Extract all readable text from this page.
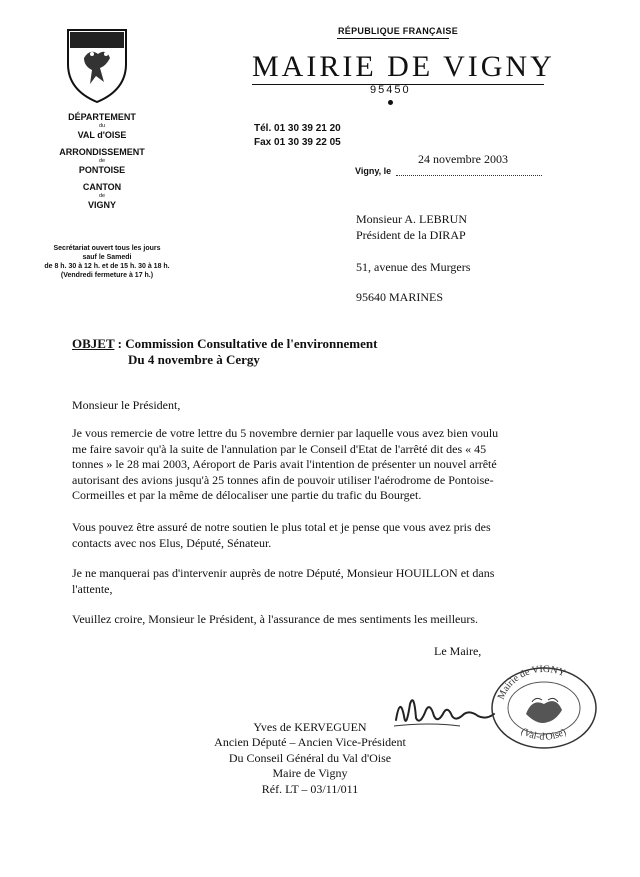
DÉPARTEMENT
du
VAL d'OISE
ARRONDISSEMENT
de
PONTOISE
CANTON
de
VIGNY
Secrétariat ouvert tous les jours
sauf le Samedi
de 8 h. 30 à 12 h. et de 15 h. 30 à 18 h.
(Vendredi fermeture à 17 h.)
RÉPUBLIQUE FRANÇAISE
MAIRIE DE VIGNY
95450
Tél. 01 30 39 21 20
Fax 01 30 39 22 05
24 novembre 2003
Vigny, le
Monsieur A. LEBRUN
Président de la DIRAP
51, avenue des Murgers
95640 MARINES
OBJET : Commission Consultative de l'environnement
Du 4 novembre à Cergy
Monsieur le Président,
Je vous remercie de votre lettre du 5 novembre dernier par laquelle vous avez bien voulu
me faire savoir qu'à la suite de l'annulation par le Conseil d'Etat de l'arrêté dit des « 45
tonnes » le 28 mai 2003, Aéroport de Paris avait l'intention de présenter un nouvel arrêté
autorisant des avions jusqu'à 25 tonnes afin de pouvoir utiliser l'aérodrome de Pontoise-
Cormeilles et par la même de délocaliser une partie du trafic du Bourget.
Vous pouvez être assuré de notre soutien le plus total et je pense que vous avez pris des
contacts avec nos Elus, Député, Sénateur.
Je ne manquerai pas d'intervenir auprès de notre Député, Monsieur HOUILLON et dans
l'attente,
Veuillez croire, Monsieur le Président, à l'assurance de mes sentiments les meilleurs.
Le Maire,
Mairie de VIGNY
(Val-d'Oise)
Yves de KERVEGUEN
Ancien Député – Ancien Vice-Président
Du Conseil Général du Val d'Oise
Maire de Vigny
Réf. LT – 03/11/011
